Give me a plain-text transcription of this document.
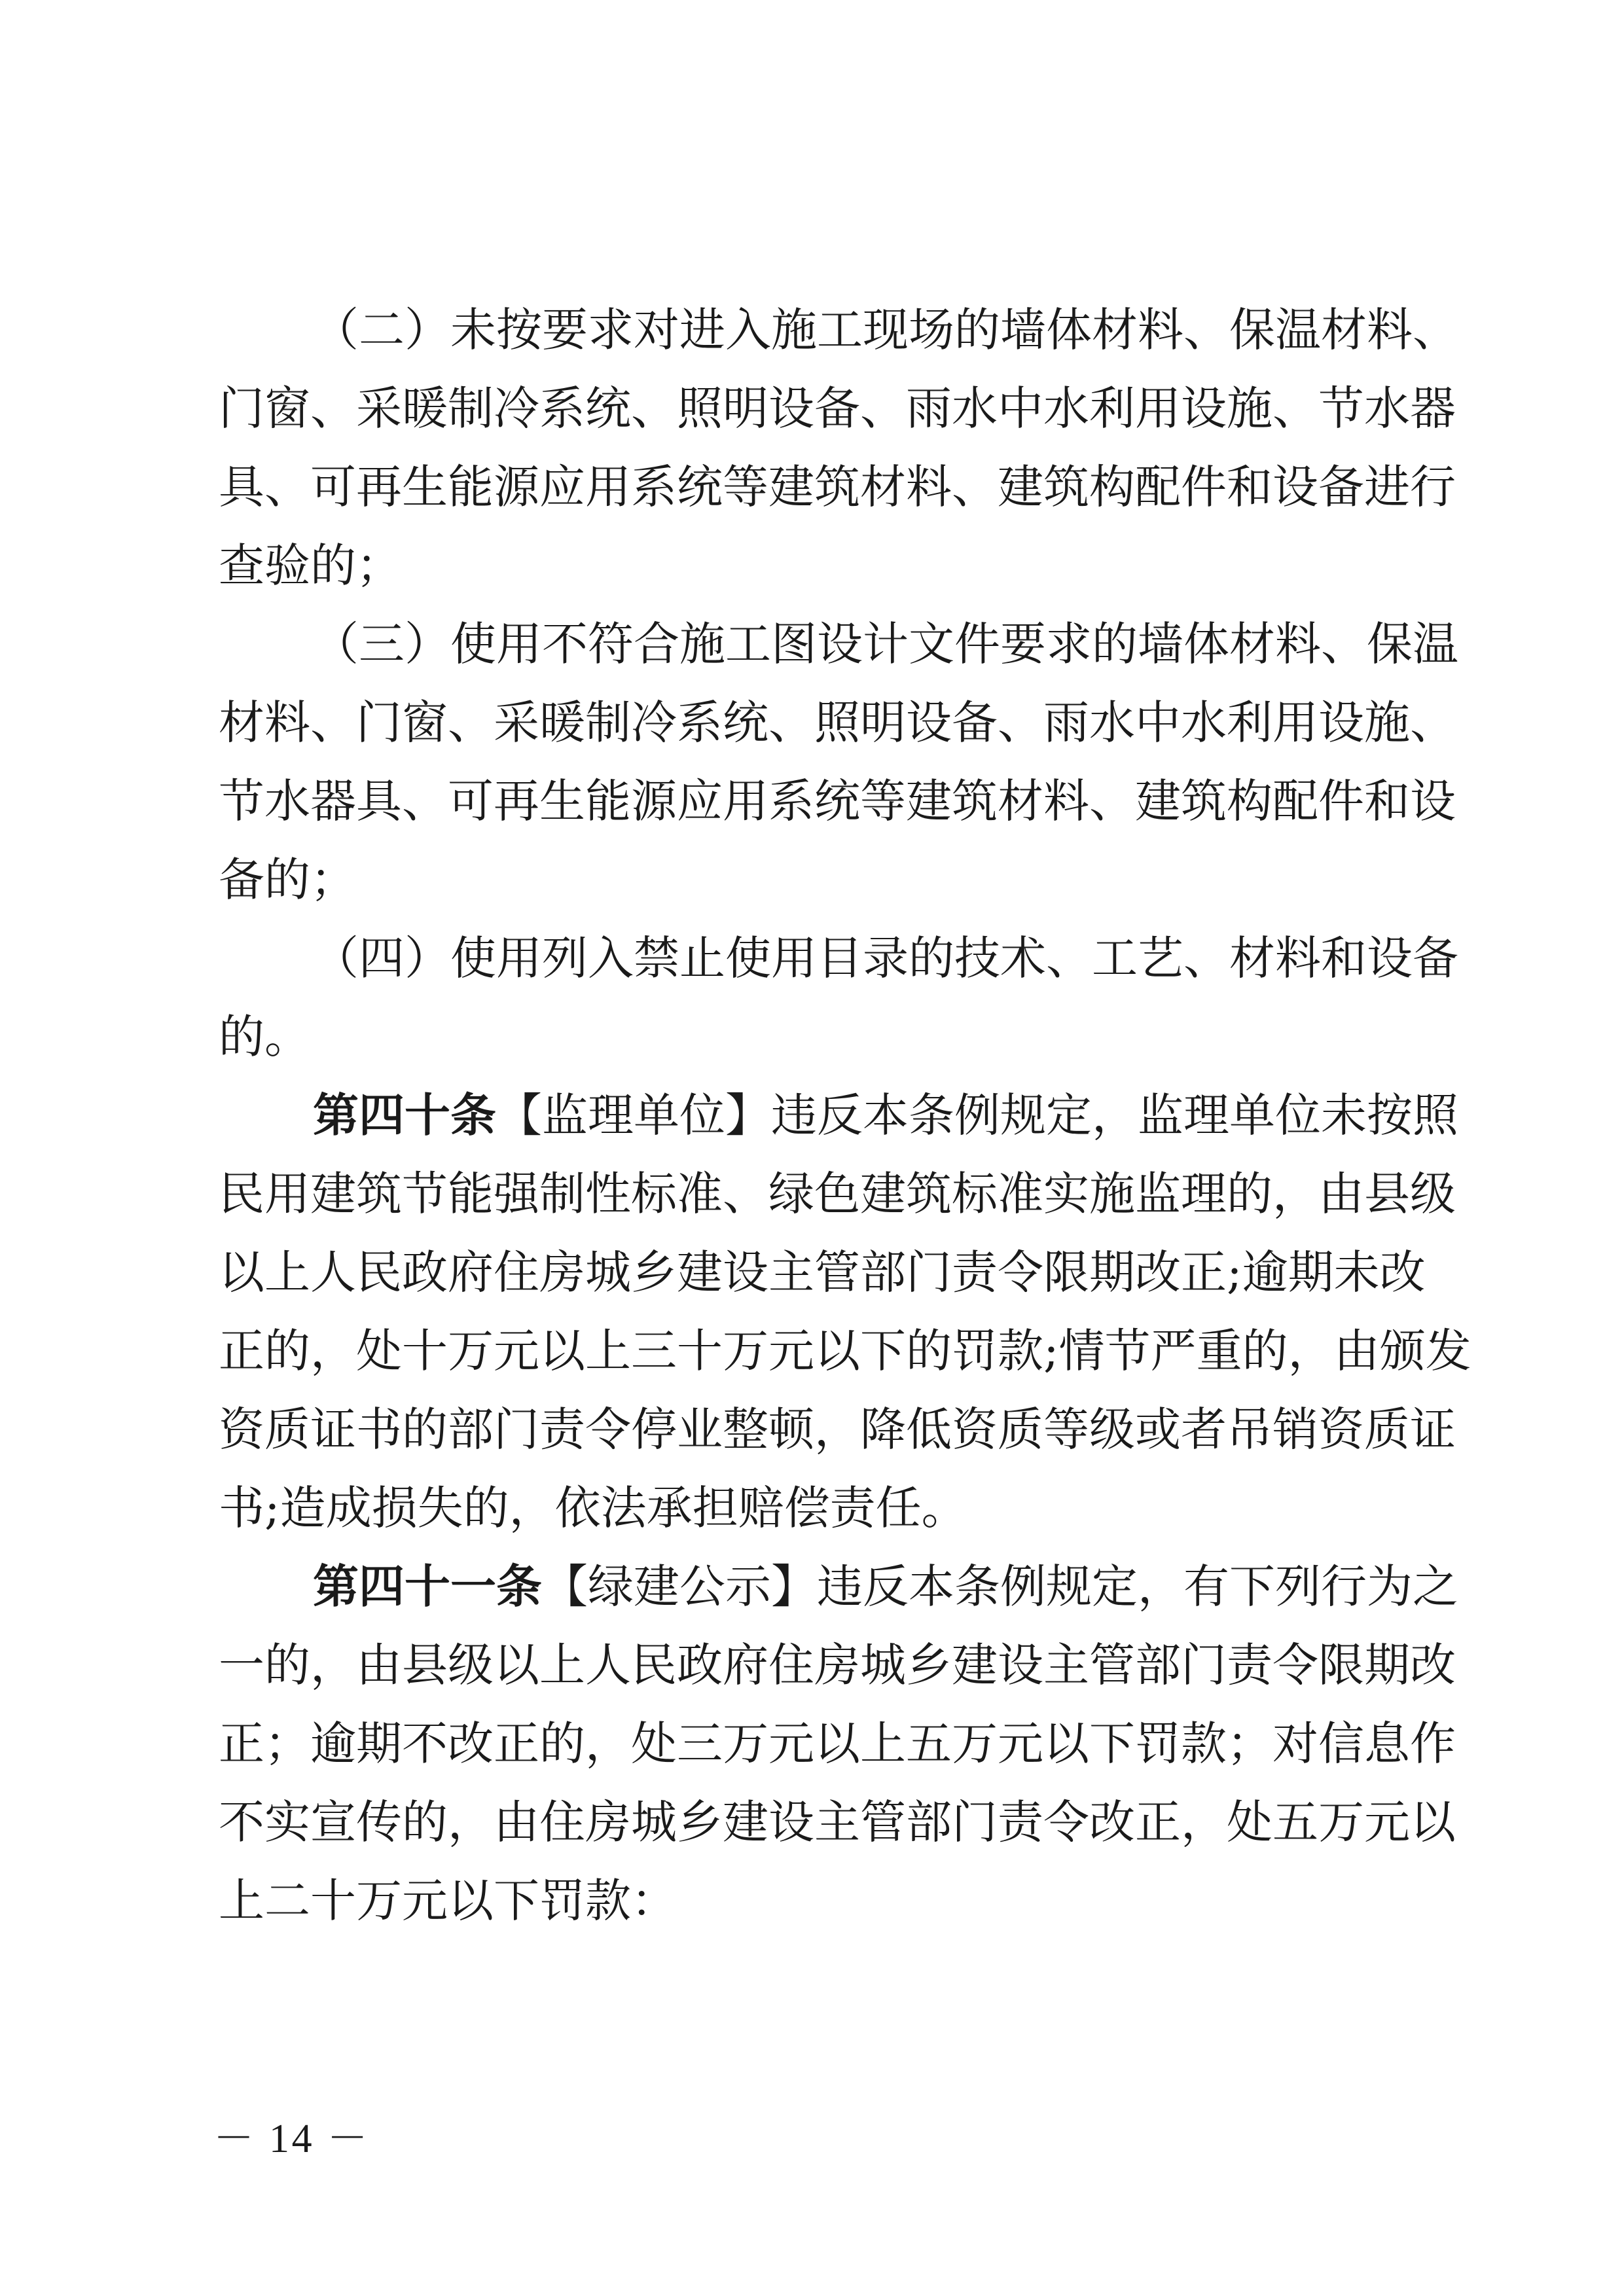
（二）未按要求对进入施工现场的墙体材料、保温材料、
门窗、采暖制冷系统、照明设备、雨水中水利用设施、节水器
具、可再生能源应用系统等建筑材料、建筑构配件和设备进行
查验的；
（三）使用不符合施工图设计文件要求的墙体材料、保温
材料、门窗、采暖制冷系统、照明设备、雨水中水利用设施、
节水器具、可再生能源应用系统等建筑材料、建筑构配件和设
备的；
（四）使用列入禁止使用目录的技术、工艺、材料和设备
的。
第四十条 【监理单位】 违反本条例规定，监理单位未按照
民用建筑节能强制性标准、绿色建筑标准实施监理的，由县级
以上人民政府住房城乡建设主管部门责令限期改正;逾期未改
正的，处十万元以上三十万元以下的罚款;情节严重的，由颁发
资质证书的部门责令停业整顿，降低资质等级或者吊销资质证
书;造成损失的，依法承担赔偿责任。
第四十一条 【绿建公示】 违反本条例规定，有下列行为之
一的，由县级以上人民政府住房城乡建设主管部门责令限期改
正；逾期不改正的，处三万元以上五万元以下罚款；对信息作
不实宣传的，由住房城乡建设主管部门责令改正，处五万元以
上二十万元以下罚款：
－ 14 －
